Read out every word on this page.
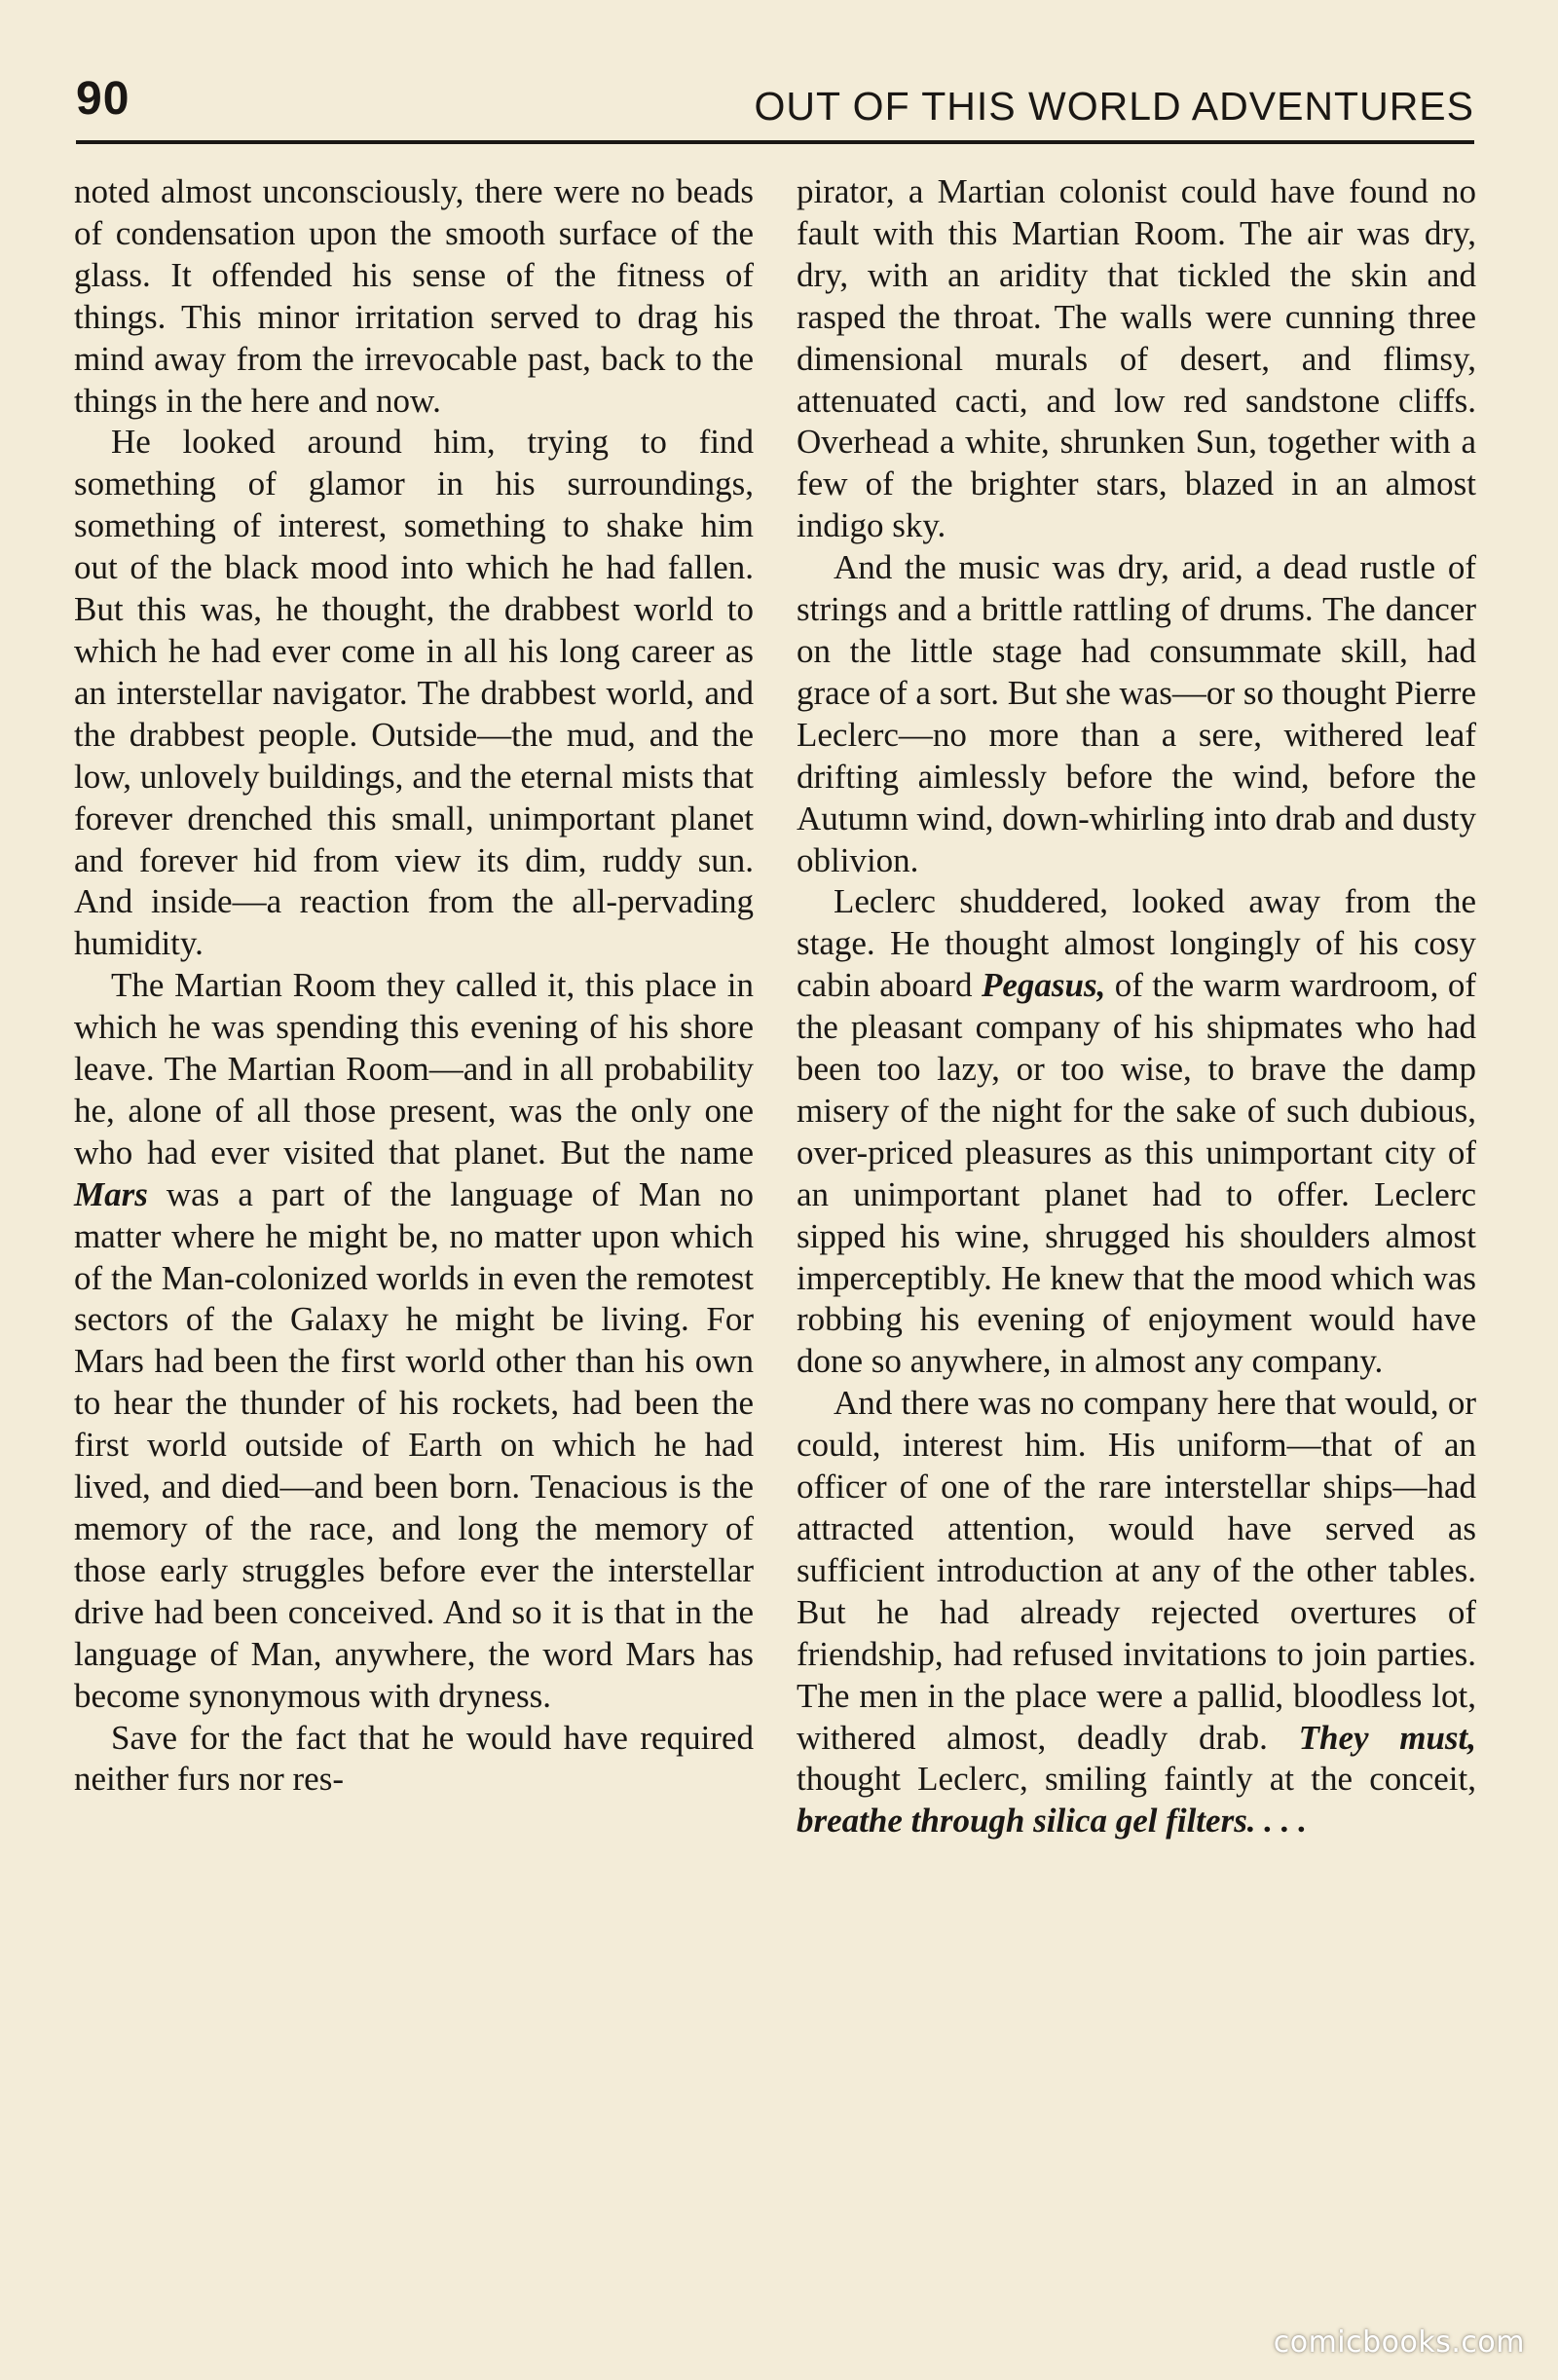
90	OUT OF THIS WORLD ADVENTURES

noted almost unconsciously, there were no beads of condensation upon the smooth surface of the glass. It offended his sense of the fitness of things. This minor irritation served to drag his mind away from the irrevocable past, back to the things in the here and now.

He looked around him, trying to find something of glamor in his surroundings, something of interest, something to shake him out of the black mood into which he had fallen. But this was, he thought, the drabbest world to which he had ever come in all his long career as an interstellar navigator. The drabbest world, and the drabbest people. Outside—the mud, and the low, unlovely buildings, and the eternal mists that forever drenched this small, unimportant planet and forever hid from view its dim, ruddy sun. And inside—a reaction from the all-pervading humidity.

The Martian Room they called it, this place in which he was spending this evening of his shore leave. The Martian Room—and in all probability he, alone of all those present, was the only one who had ever visited that planet. But the name Mars was a part of the language of Man no matter where he might be, no matter upon which of the Man-colonized worlds in even the remotest sectors of the Galaxy he might be living. For Mars had been the first world other than his own to hear the thunder of his rockets, had been the first world outside of Earth on which he had lived, and died—and been born. Tenacious is the memory of the race, and long the memory of those early struggles before ever the interstellar drive had been conceived. And so it is that in the language of Man, anywhere, the word Mars has become synonymous with dryness.

Save for the fact that he would have required neither furs nor res-

pirator, a Martian colonist could have found no fault with this Martian Room. The air was dry, dry, with an aridity that tickled the skin and rasped the throat. The walls were cunning three dimensional murals of desert, and flimsy, attenuated cacti, and low red sandstone cliffs. Overhead a white, shrunken Sun, together with a few of the brighter stars, blazed in an almost indigo sky.

And the music was dry, arid, a dead rustle of strings and a brittle rattling of drums. The dancer on the little stage had consummate skill, had grace of a sort. But she was—or so thought Pierre Leclerc—no more than a sere, withered leaf drifting aimlessly before the wind, before the Autumn wind, down-whirling into drab and dusty oblivion.

Leclerc shuddered, looked away from the stage. He thought almost longingly of his cosy cabin aboard Pegasus, of the warm wardroom, of the pleasant company of his shipmates who had been too lazy, or too wise, to brave the damp misery of the night for the sake of such dubious, over-priced pleasures as this unimportant city of an unimportant planet had to offer. Leclerc sipped his wine, shrugged his shoulders almost imperceptibly. He knew that the mood which was robbing his evening of enjoyment would have done so anywhere, in almost any company.

And there was no company here that would, or could, interest him. His uniform—that of an officer of one of the rare interstellar ships—had attracted attention, would have served as sufficient introduction at any of the other tables. But he had already rejected overtures of friendship, had refused invitations to join parties. The men in the place were a pallid, bloodless lot, withered almost, deadly drab. They must, thought Leclerc, smiling faintly at the conceit, breathe through silica gel filters. . . .

comicbooks.com
